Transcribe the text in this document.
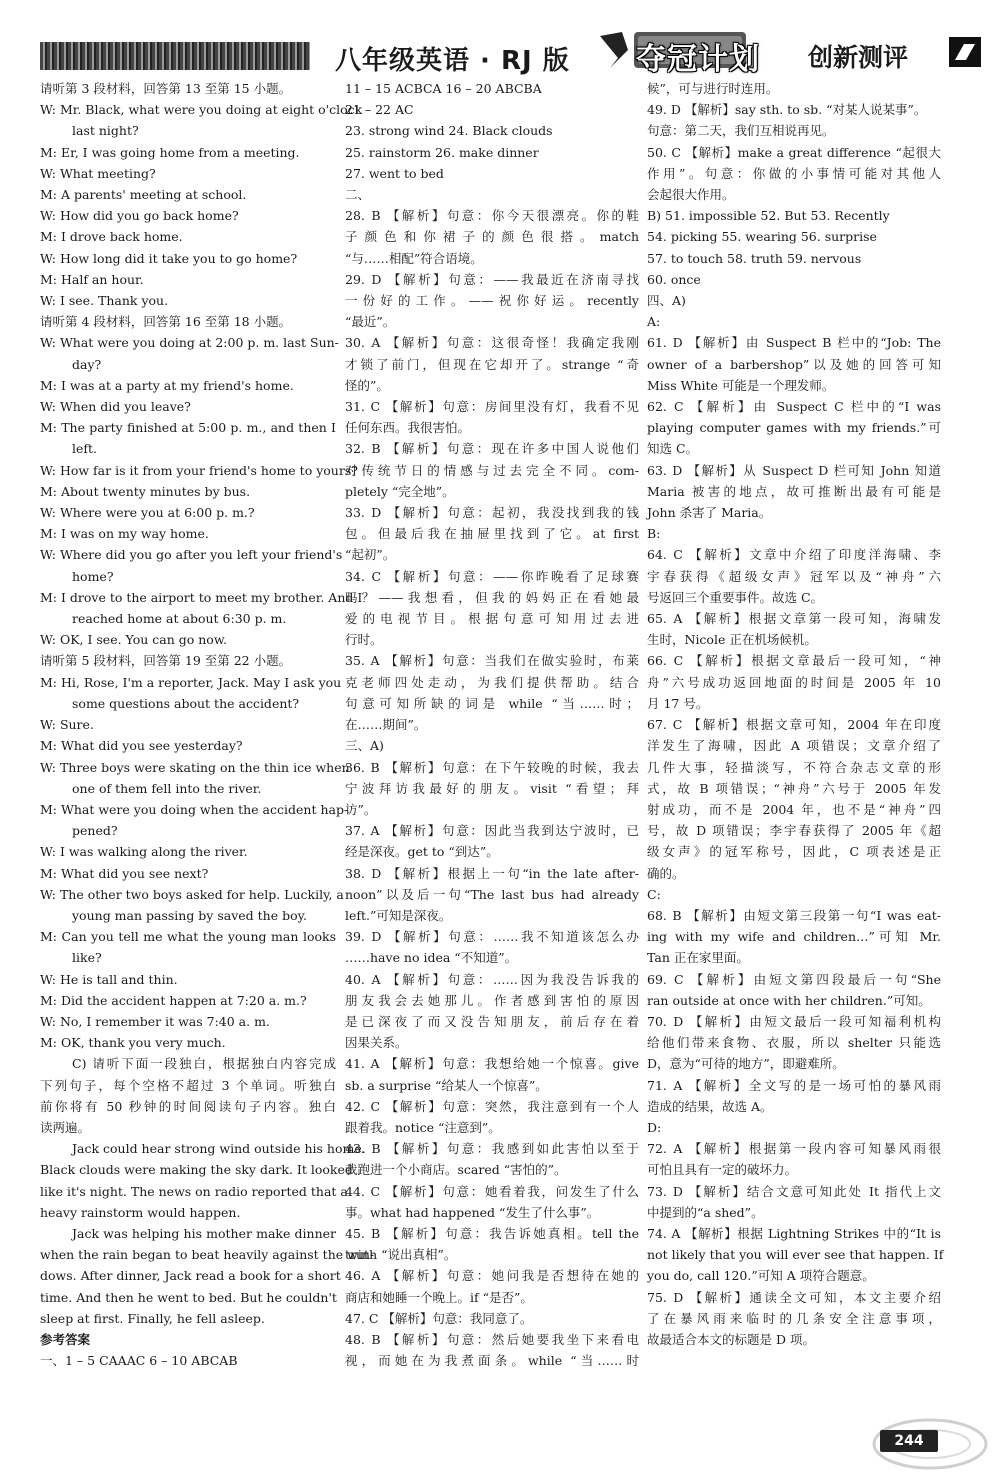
八年级英语 · RJ 版 夺冠计划 创新测评
请听第 3 段材料，回答第 13 至第 15 小题。
W: Mr. Black, what were you doing at eight o'clock
last night?
M: Er, I was going home from a meeting.
W: What meeting?
M: A parents' meeting at school.
W: How did you go back home?
M: I drove back home.
W: How long did it take you to go home?
M: Half an hour.
W: I see. Thank you.
请听第 4 段材料，回答第 16 至第 18 小题。
W: What were you doing at 2:00 p. m. last Sun-
day?
M: I was at a party at my friend's home.
W: When did you leave?
M: The party finished at 5:00 p. m., and then I
left.
W: How far is it from your friend's home to yours?
M: About twenty minutes by bus.
W: Where were you at 6:00 p. m.?
M: I was on my way home.
W: Where did you go after you left your friend's
home?
M: I drove to the airport to meet my brother. And I
reached home at about 6:30 p. m.
W: OK, I see. You can go now.
请听第 5 段材料，回答第 19 至第 22 小题。
M: Hi, Rose, I'm a reporter, Jack. May I ask you
some questions about the accident?
W: Sure.
M: What did you see yesterday?
W: Three boys were skating on the thin ice when
one of them fell into the river.
M: What were you doing when the accident hap-
pened?
W: I was walking along the river.
M: What did you see next?
W: The other two boys asked for help. Luckily, a
young man passing by saved the boy.
M: Can you tell me what the young man looks
like?
W: He is tall and thin.
M: Did the accident happen at 7:20 a. m.?
W: No, I remember it was 7:40 a. m.
M: OK, thank you very much.
C) 请听下面一段独白，根据独白内容完成
下列句子，每个空格不超过 3 个单词。听独白
前你将有 50 秒钟的时间阅读句子内容。独白
读两遍。
Jack could hear strong wind outside his home.
Black clouds were making the sky dark. It looked
like it's night. The news on radio reported that a
heavy rainstorm would happen.
Jack was helping his mother make dinner
when the rain began to beat heavily against the win-
dows. After dinner, Jack read a book for a short
time. And then he went to bed. But he couldn't
sleep at first. Finally, he fell asleep.
参考答案
一、1 – 5 CAAAC 6 – 10 ABCAB
11 – 15 ACBCA 16 – 20 ABCBA
21 – 22 AC
23. strong wind 24. Black clouds
25. rainstorm 26. make dinner
27. went to bed
二、
28. B 【解析】句意：你今天很漂亮。你的鞋
子颜色和你裙子的颜色很搭。match
“与……相配”符合语境。
29. D 【解析】句意：——我最近在济南寻找
一份好的工作。——祝你好运。recently
“最近”。
30. A 【解析】句意：这很奇怪！我确定我刚
才锁了前门，但现在它却开了。strange “奇
怪的”。
31. C 【解析】句意：房间里没有灯，我看不见
任何东西。我很害怕。
32. B 【解析】句意：现在许多中国人说他们
对传统节日的情感与过去完全不同。com-
pletely “完全地”。
33. D 【解析】句意：起初，我没找到我的钱
包。但最后我在抽屉里找到了它。at first
“起初”。
34. C 【解析】句意：——你昨晚看了足球赛
吗？——我想看，但我的妈妈正在看她最
爱的电视节目。根据句意可知用过去进
行时。
35. A 【解析】句意：当我们在做实验时，布莱
克老师四处走动，为我们提供帮助。结合
句意可知所缺的词是 while “当……时；
在……期间”。
三、A)
36. B 【解析】句意：在下午较晚的时候，我去
宁波拜访我最好的朋友。visit “看望；拜
访”。
37. A 【解析】句意：因此当我到达宁波时，已
经是深夜。get to “到达”。
38. D 【解析】根据上一句“in the late after-
noon”以及后一句“The last bus had already
left.”可知是深夜。
39. D 【解析】句意：……我不知道该怎么办
……have no idea “不知道”。
40. A 【解析】句意：……因为我没告诉我的
朋友我会去她那儿。作者感到害怕的原因
是已深夜了而又没告知朋友，前后存在着
因果关系。
41. A 【解析】句意：我想给她一个惊喜。give
sb. a surprise “给某人一个惊喜”。
42. C 【解析】句意：突然，我注意到有一个人
跟着我。notice “注意到”。
43. B 【解析】句意：我感到如此害怕以至于
我跑进一个小商店。scared “害怕的”。
44. C 【解析】句意：她看着我，问发生了什么
事。what had happened “发生了什么事”。
45. B 【解析】句意：我告诉她真相。tell the
truth “说出真相”。
46. A 【解析】句意：她问我是否想待在她的
商店和她睡一个晚上。if “是否”。
47. C 【解析】句意：我同意了。
48. B 【解析】句意：然后她要我坐下来看电
视，而她在为我煮面条。while “当……时
候”，可与进行时连用。
49. D 【解析】say sth. to sb. “对某人说某事”。
句意：第二天，我们互相说再见。
50. C 【解析】make a great difference “起很大
作用”。句意：你做的小事情可能对其他人
会起很大作用。
B) 51. impossible 52. But 53. Recently
54. picking 55. wearing 56. surprise
57. to touch 58. truth 59. nervous
60. once
四、A)
A:
61. D 【解析】由 Suspect B 栏中的“Job: The
owner of a barbershop”以及她的回答可知
Miss White 可能是一个理发师。
62. C 【解析】由 Suspect C 栏中的“I was
playing computer games with my friends.”可
知选 C。
63. D 【解析】从 Suspect D 栏可知 John 知道
Maria 被害的地点，故可推断出最有可能是
John 杀害了 Maria。
B:
64. C 【解析】文章中介绍了印度洋海啸、李
宇春获得《超级女声》冠军以及“神舟”六
号返回三个重要事件。故选 C。
65. A 【解析】根据文章第一段可知，海啸发
生时，Nicole 正在机场候机。
66. C 【解析】根据文章最后一段可知，“神
舟”六号成功返回地面的时间是 2005 年 10
月 17 号。
67. C 【解析】根据文章可知，2004 年在印度
洋发生了海啸，因此 A 项错误；文章介绍了
几件大事，轻描淡写，不符合杂志文章的形
式，故 B 项错误；“神舟”六号于 2005 年发
射成功，而不是 2004 年，也不是“神舟”四
号，故 D 项错误；李宇春获得了 2005 年《超
级女声》的冠军称号，因此，C 项表述是正
确的。
C:
68. B 【解析】由短文第三段第一句“I was eat-
ing with my wife and children…”可知 Mr.
Tan 正在家里面。
69. C 【解析】由短文第四段最后一句“She
ran outside at once with her children.”可知。
70. D 【解析】由短文最后一段可知福利机构
给他们带来食物、衣服，所以 shelter 只能选
D，意为“可待的地方”，即避难所。
71. A 【解析】全文写的是一场可怕的暴风雨
造成的结果，故选 A。
D:
72. A 【解析】根据第一段内容可知暴风雨很
可怕且具有一定的破坏力。
73. D 【解析】结合文意可知此处 It 指代上文
中提到的“a shed”。
74. A 【解析】根据 Lightning Strikes 中的“It is
not likely that you will ever see that happen. If
you do, call 120.”可知 A 项符合题意。
75. D 【解析】通读全文可知，本文主要介绍
了在暴风雨来临时的几条安全注意事项，
故最适合本文的标题是 D 项。
244
